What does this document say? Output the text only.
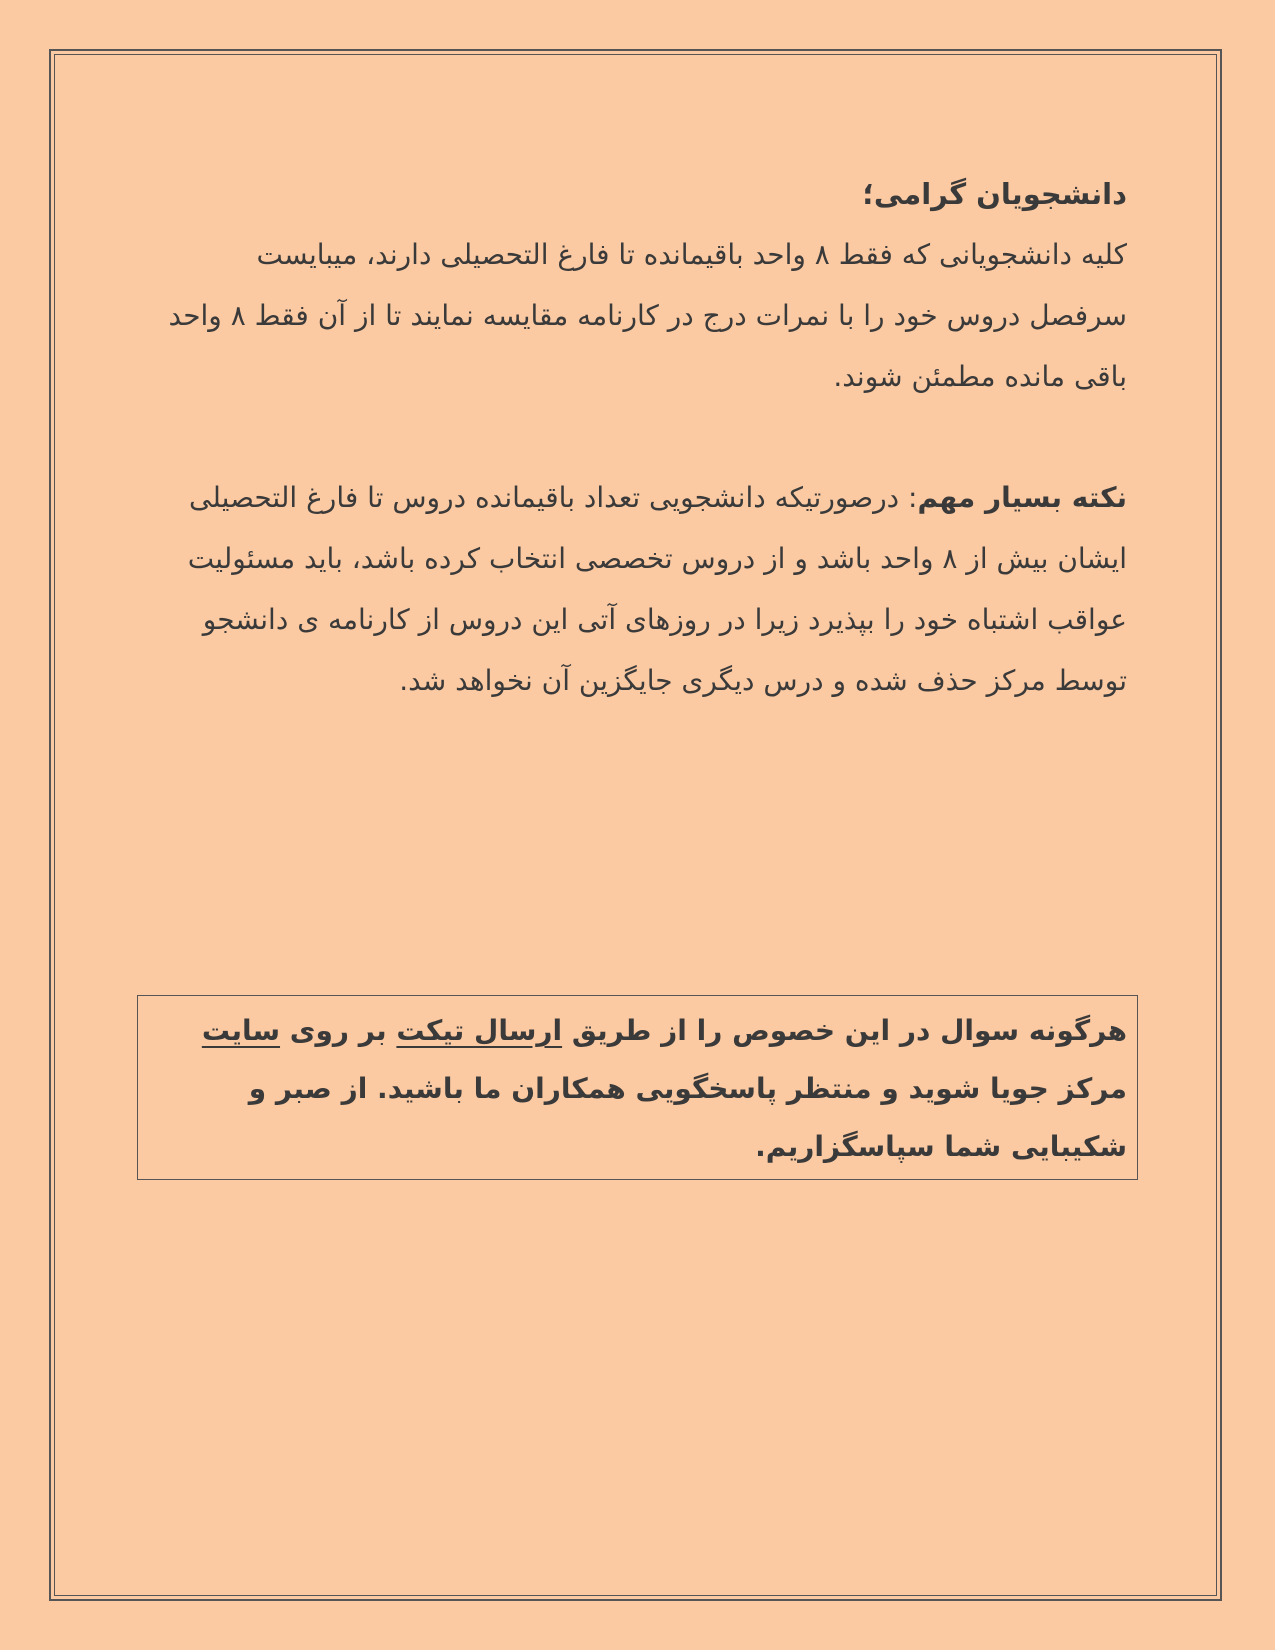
دانشجویان گرامی؛

کلیه دانشجویانی که فقط ۸ واحد باقیمانده تا فارغ التحصیلی دارند، میبایست سرفصل دروس خود را با نمرات درج در کارنامه مقایسه نمایند تا از آن فقط ۸ واحد باقی مانده مطمئن شوند.

نکته بسیار مهم: درصورتیکه دانشجویی تعداد باقیمانده دروس تا فارغ التحصیلی ایشان بیش از ۸ واحد باشد و از دروس تخصصی انتخاب کرده باشد، باید مسئولیت عواقب اشتباه خود را بپذیرد زیرا در روزهای آتی این دروس از کارنامه ی دانشجو توسط مرکز حذف شده و درس دیگری جایگزین آن نخواهد شد.

هرگونه سوال در این خصوص را از طریق ارسال تیکت بر روی سایت مرکز جویا شوید و منتظر پاسخگویی همکاران ما باشید. از صبر و شکیبایی شما سپاسگزاریم.
